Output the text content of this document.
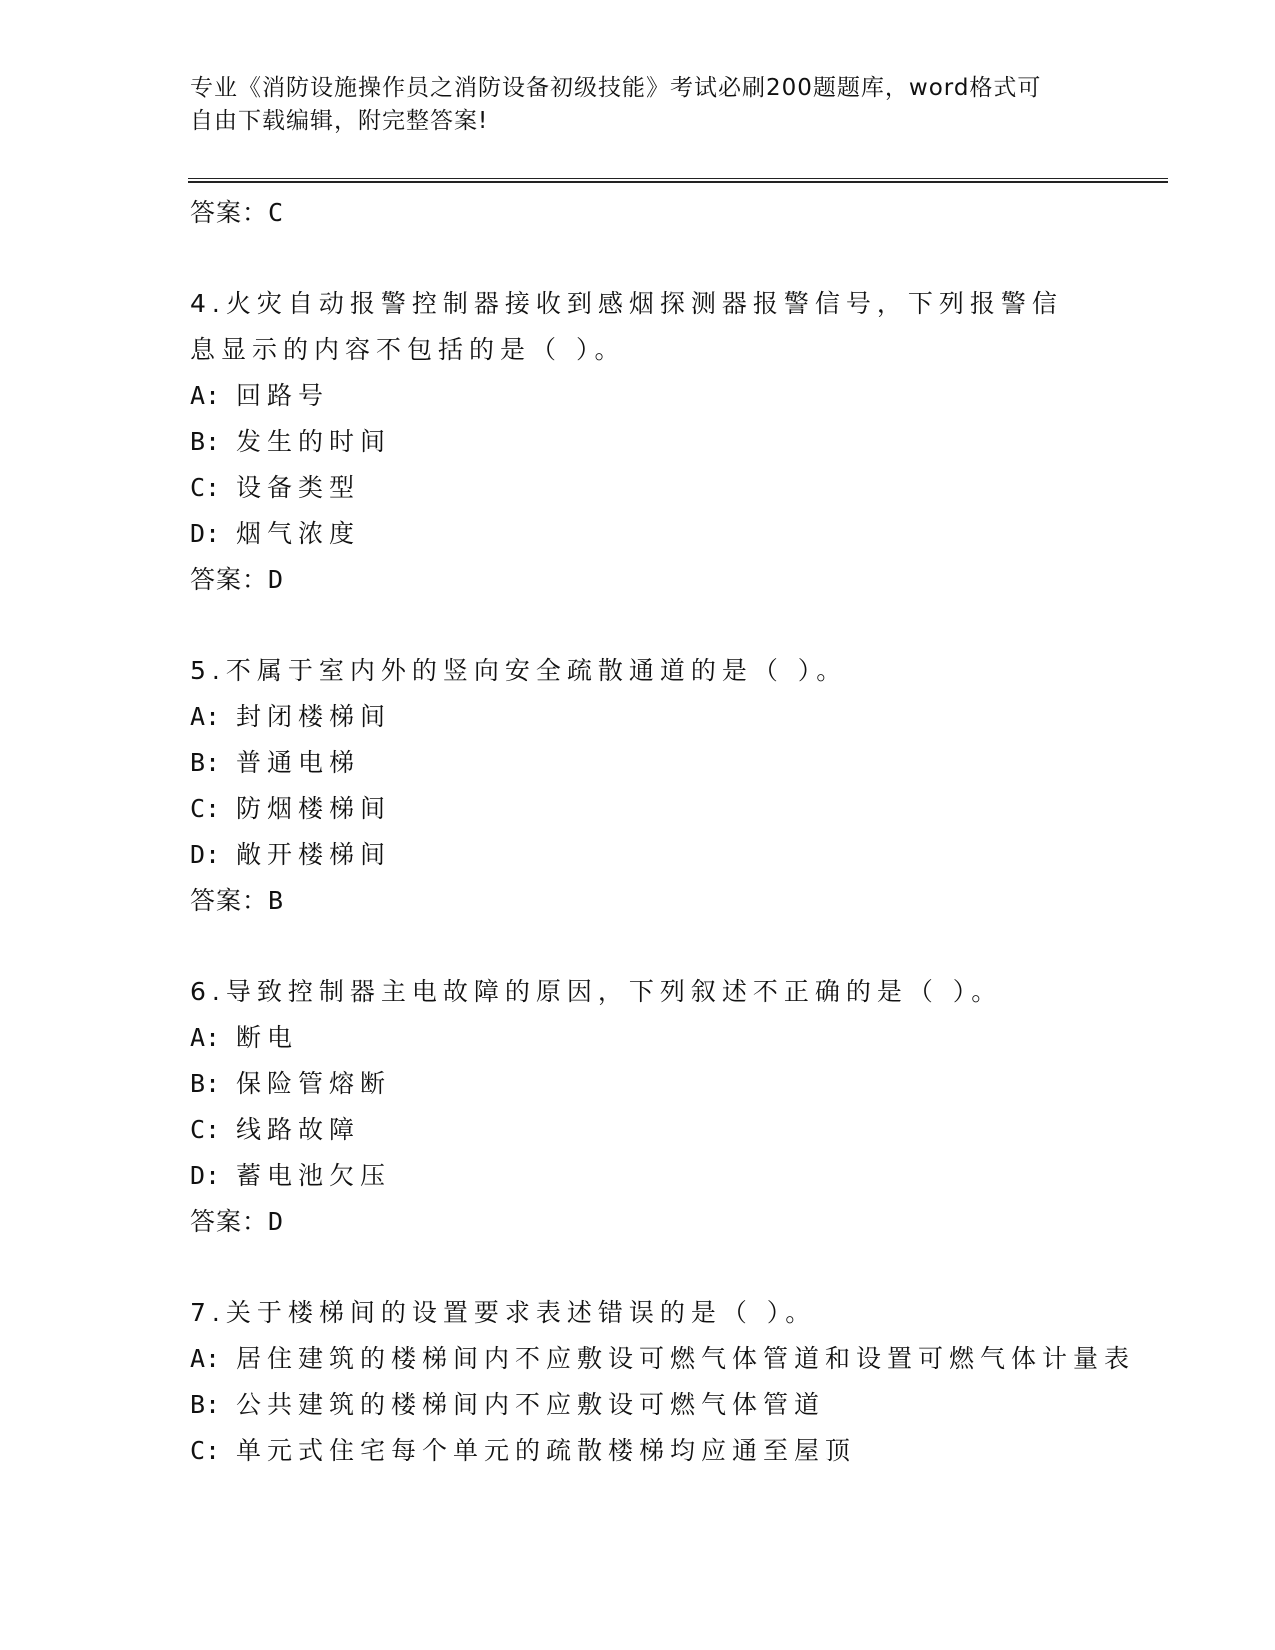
专业《消防设施操作员之消防设备初级技能》考试必刷200题题库，word格式可
自由下载编辑，附完整答案!
答案：C
4.火灾自动报警控制器接收到感烟探测器报警信号，下列报警信息显示的内容不包括的是（ ）。
A: 回路号
B: 发生的时间
C: 设备类型
D: 烟气浓度
答案：D
5.不属于室内外的竖向安全疏散通道的是（ ）。
A: 封闭楼梯间
B: 普通电梯
C: 防烟楼梯间
D: 敞开楼梯间
答案：B
6.导致控制器主电故障的原因，下列叙述不正确的是（ ）。
A: 断电
B: 保险管熔断
C: 线路故障
D: 蓄电池欠压
答案：D
7.关于楼梯间的设置要求表述错误的是（ ）。
A: 居住建筑的楼梯间内不应敷设可燃气体管道和设置可燃气体计量表
B: 公共建筑的楼梯间内不应敷设可燃气体管道
C: 单元式住宅每个单元的疏散楼梯均应通至屋顶
